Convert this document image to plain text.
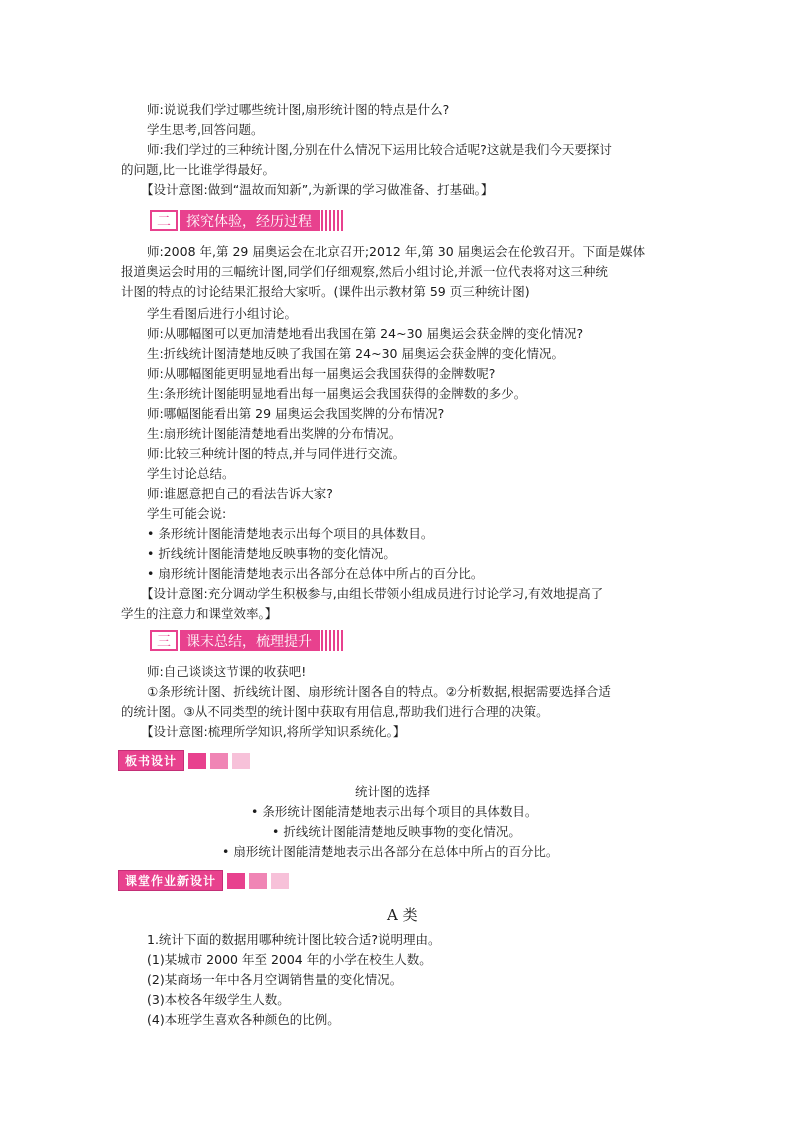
师:说说我们学过哪些统计图,扇形统计图的特点是什么?
学生思考,回答问题。
师:我们学过的三种统计图,分别在什么情况下运用比较合适呢?这就是我们今天要探讨
的问题,比一比谁学得最好。
【设计意图:做到“温故而知新”,为新课的学习做准备、打基础。】
二	探究体验，经历过程
师:2008 年,第 29 届奥运会在北京召开;2012 年,第 30 届奥运会在伦敦召开。下面是媒体
报道奥运会时用的三幅统计图,同学们仔细观察,然后小组讨论,并派一位代表将对这三种统
计图的特点的讨论结果汇报给大家听。(课件出示教材第 59 页三种统计图)
学生看图后进行小组讨论。
师:从哪幅图可以更加清楚地看出我国在第 24~30 届奥运会获金牌的变化情况?
生:折线统计图清楚地反映了我国在第 24~30 届奥运会获金牌的变化情况。
师:从哪幅图能更明显地看出每一届奥运会我国获得的金牌数呢?
生:条形统计图能明显地看出每一届奥运会我国获得的金牌数的多少。
师:哪幅图能看出第 29 届奥运会我国奖牌的分布情况?
生:扇形统计图能清楚地看出奖牌的分布情况。
师:比较三种统计图的特点,并与同伴进行交流。
学生讨论总结。
师:谁愿意把自己的看法告诉大家?
学生可能会说:
• 条形统计图能清楚地表示出每个项目的具体数目。
• 折线统计图能清楚地反映事物的变化情况。
• 扇形统计图能清楚地表示出各部分在总体中所占的百分比。
【设计意图:充分调动学生积极参与,由组长带领小组成员进行讨论学习,有效地提高了
学生的注意力和课堂效率。】
三	课末总结，梳理提升
师:自己谈谈这节课的收获吧!
①条形统计图、折线统计图、扇形统计图各自的特点。②分析数据,根据需要选择合适
的统计图。③从不同类型的统计图中获取有用信息,帮助我们进行合理的决策。
【设计意图:梳理所学知识,将所学知识系统化。】
板书设计
统计图的选择
• 条形统计图能清楚地表示出每个项目的具体数目。
• 折线统计图能清楚地反映事物的变化情况。
• 扇形统计图能清楚地表示出各部分在总体中所占的百分比。
课堂作业新设计
A 类
1.统计下面的数据用哪种统计图比较合适?说明理由。
(1)某城市 2000 年至 2004 年的小学在校生人数。
(2)某商场一年中各月空调销售量的变化情况。
(3)本校各年级学生人数。
(4)本班学生喜欢各种颜色的比例。
